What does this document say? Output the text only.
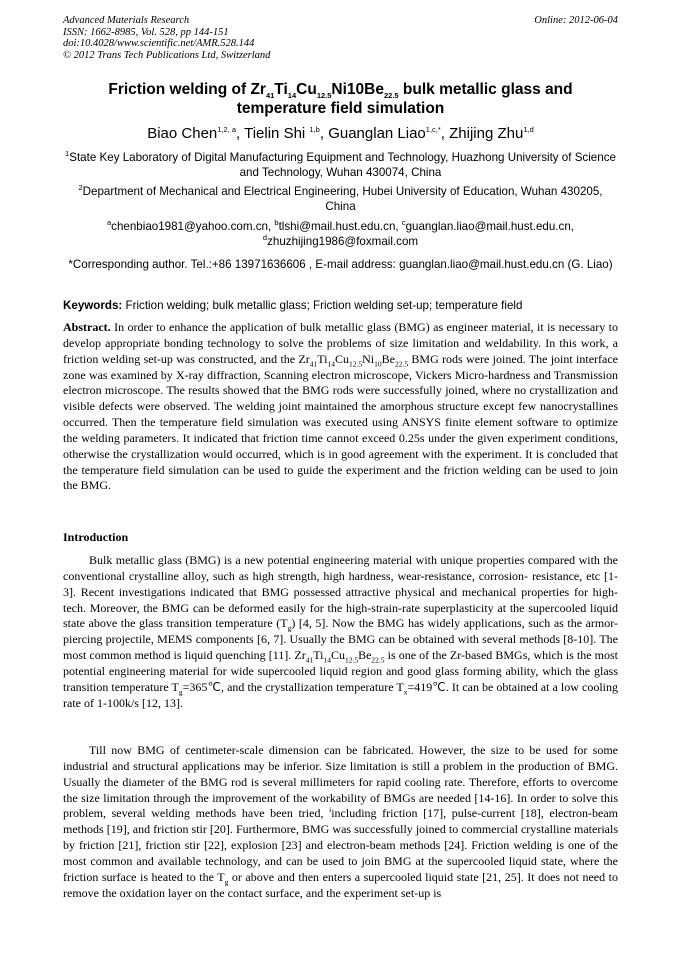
Advanced Materials Research
ISSN: 1662-8985, Vol. 528, pp 144-151
doi:10.4028/www.scientific.net/AMR.528.144
© 2012 Trans Tech Publications Ltd, Switzerland
Online: 2012-06-04
Friction welding of $Zr_{41}Ti_{14}Cu_{12.5}Ni10Be_{22.5}$ bulk metallic glass and
temperature field simulation
Biao Chen$^{1,2, a}$, Tielin Shi $^{1,b}$, Guanglan Liao$^{1,c,*}$, Zhijing Zhu$^{1,d}$
$^1$State Key Laboratory of Digital Manufacturing Equipment and Technology, Huazhong University of Science and Technology, Wuhan 430074, China
$^2$Department of Mechanical and Electrical Engineering, Hubei University of Education, Wuhan 430205, China
$^a$chenbiao1981@yahoo.com.cn, $^b$tlshi@mail.hust.edu.cn, $^c$guanglan.liao@mail.hust.edu.cn,
$^d$zhuzhijing1986@foxmail.com
*Corresponding author. Tel.:+86 13971636606 , E-mail address: guanglan.liao@mail.hust.edu.cn (G. Liao)
Keywords: Friction welding; bulk metallic glass; Friction welding set-up; temperature field
Abstract. In order to enhance the application of bulk metallic glass (BMG) as engineer material, it is necessary to develop appropriate bonding technology to solve the problems of size limitation and weldability. In this work, a friction welding set-up was constructed, and the $Zr_{41}Ti_{14}Cu_{12.5}Ni_{10}Be_{22.5}$ BMG rods were joined. The joint interface zone was examined by X-ray diffraction, Scanning electron microscope, Vickers Micro-hardness and Transmission electron microscope. The results showed that the BMG rods were successfully joined, where no crystallization and visible defects were observed. The welding joint maintained the amorphous structure except few nanocrystallines occurred. Then the temperature field simulation was executed using ANSYS finite element software to optimize the welding parameters. It indicated that friction time cannot exceed 0.25s under the given experiment conditions, otherwise the crystallization would occurred, which is in good agreement with the experiment. It is concluded that the temperature field simulation can be used to guide the experiment and the friction welding can be used to join the BMG.
Introduction
Bulk metallic glass (BMG) is a new potential engineering material with unique properties compared with the conventional crystalline alloy, such as high strength, high hardness, wear-resistance, corrosion- resistance, etc [1-3]. Recent investigations indicated that BMG possessed attractive physical and mechanical properties for high-tech. Moreover, the BMG can be deformed easily for the high-strain-rate superplasticity at the supercooled liquid state above the glass transition temperature $(T_g)$ [4, 5]. Now the BMG has widely applications, such as the armor-piercing projectile, MEMS components [6, 7]. Usually the BMG can be obtained with several methods [8-10]. The most common method is liquid quenching [11]. $Zr_{41}Ti_{14}Cu_{12.5}Be_{22.5}$ is one of the Zr-based BMGs, which is the most potential engineering material for wide supercooled liquid region and good glass forming ability, which the glass transition temperature $T_g=365℃$, and the crystallization temperature $T_x=419℃$. It can be obtained at a low cooling rate of 1-100k/s [12, 13].
Till now BMG of centimeter-scale dimension can be fabricated. However, the size to be used for some industrial and structural applications may be inferior. Size limitation is still a problem in the production of BMG. Usually the diameter of the BMG rod is several millimeters for rapid cooling rate. Therefore, efforts to overcome the size limitation through the improvement of the workability of BMGs are needed [14-16]. In order to solve this problem, several welding methods have been tried, $^i$including friction [17], pulse-current [18], electron-beam methods [19], and friction stir [20]. Furthermore, BMG was successfully joined to commercial crystalline materials by friction [21], friction stir [22], explosion [23] and electron-beam methods [24]. Friction welding is one of the most common and available technology, and can be used to join BMG at the supercooled liquid state, where the friction surface is heated to the $T_g$ or above and then enters a supercooled liquid state [21, 25]. It does not need to remove the oxidation layer on the contact surface, and the experiment set-up is
